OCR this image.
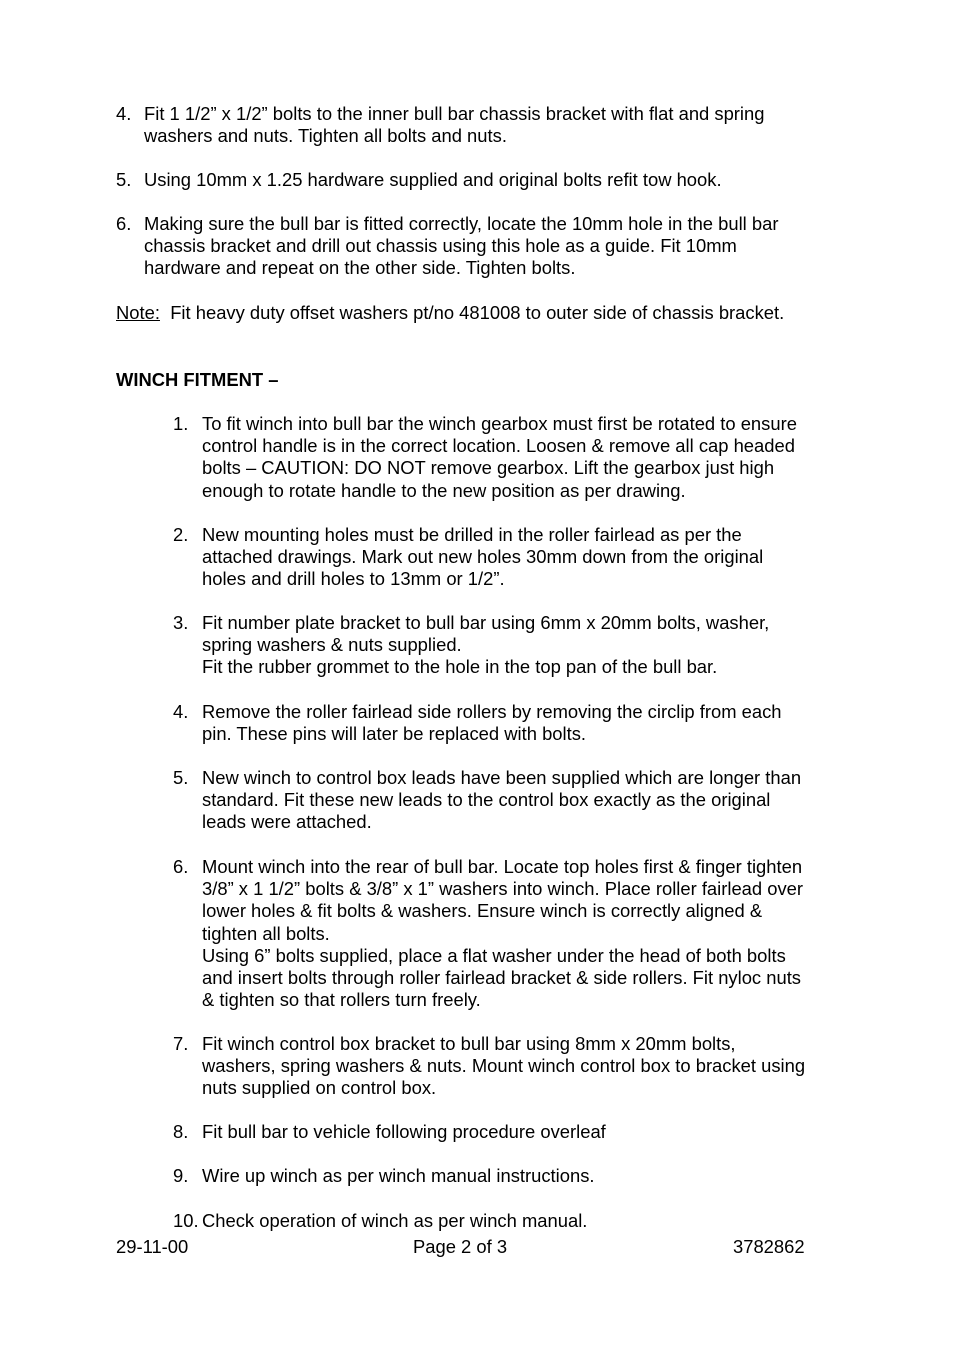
4. Fit 1 1/2” x 1/2” bolts to the inner bull bar chassis bracket with flat and spring
washers and nuts. Tighten all bolts and nuts.
5. Using 10mm x 1.25 hardware supplied and original bolts refit tow hook.
6. Making sure the bull bar is fitted correctly, locate the 10mm hole in the bull bar
chassis bracket and drill out chassis using this hole as a guide. Fit 10mm
hardware and repeat on the other side. Tighten bolts.
Note: Fit heavy duty offset washers pt/no 481008 to outer side of chassis bracket.
WINCH FITMENT –
1. To fit winch into bull bar the winch gearbox must first be rotated to ensure
control handle is in the correct location. Loosen & remove all cap headed
bolts – CAUTION: DO NOT remove gearbox. Lift the gearbox just high
enough to rotate handle to the new position as per drawing.
2. New mounting holes must be drilled in the roller fairlead as per the
attached drawings. Mark out new holes 30mm down from the original
holes and drill holes to 13mm or 1/2”.
3. Fit number plate bracket to bull bar using 6mm x 20mm bolts, washer,
spring washers & nuts supplied.
Fit the rubber grommet to the hole in the top pan of the bull bar.
4. Remove the roller fairlead side rollers by removing the circlip from each
pin. These pins will later be replaced with bolts.
5. New winch to control box leads have been supplied which are longer than
standard. Fit these new leads to the control box exactly as the original
leads were attached.
6. Mount winch into the rear of bull bar. Locate top holes first & finger tighten
3/8” x 1 1/2” bolts & 3/8” x 1” washers into winch. Place roller fairlead over
lower holes & fit bolts & washers. Ensure winch is correctly aligned &
tighten all bolts.
Using 6” bolts supplied, place a flat washer under the head of both bolts
and insert bolts through roller fairlead bracket & side rollers. Fit nyloc nuts
& tighten so that rollers turn freely.
7. Fit winch control box bracket to bull bar using 8mm x 20mm bolts,
washers, spring washers & nuts. Mount winch control box to bracket using
nuts supplied on control box.
8. Fit bull bar to vehicle following procedure overleaf
9. Wire up winch as per winch manual instructions.
10. Check operation of winch as per winch manual.
29-11-00	Page 2 of 3	3782862
